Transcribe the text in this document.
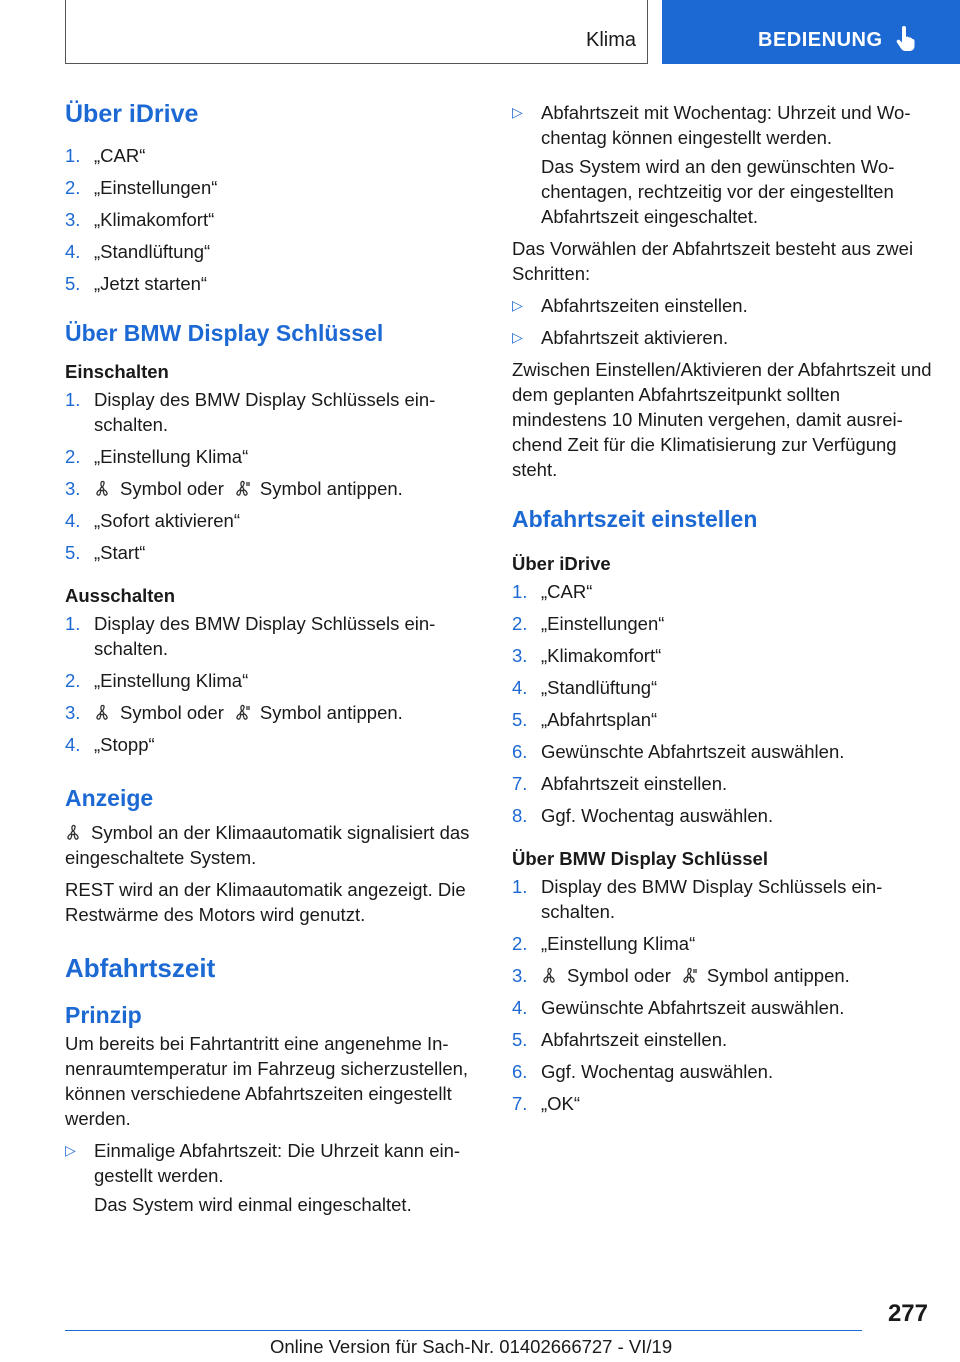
Klima	BEDIENUNG
Über iDrive
1. „CAR“
2. „Einstellungen“
3. „Klimakomfort“
4. „Standlüftung“
5. „Jetzt starten“
Über BMW Display Schlüssel
Einschalten
1. Display des BMW Display Schlüssels ein-schalten.
2. „Einstellung Klima“
3. Symbol oder Symbol antippen.
4. „Sofort aktivieren“
5. „Start“
Ausschalten
1. Display des BMW Display Schlüssels ein-schalten.
2. „Einstellung Klima“
3. Symbol oder Symbol antippen.
4. „Stopp“
Anzeige

Symbol an der Klimaautomatik signalisiert das eingeschaltete System.

REST wird an der Klimaautomatik angezeigt. Die Restwärme des Motors wird genutzt.

Abfahrtszeit
Prinzip

Um bereits bei Fahrtantritt eine angenehme In-nenraumtemperatur im Fahrzeug sicherzustellen, können verschiedene Abfahrtszeiten eingestellt werden.

▷ Einmalige Abfahrtszeit: Die Uhrzeit kann ein-gestellt werden.
Das System wird einmal eingeschaltet.
▷ Abfahrtszeit mit Wochentag: Uhrzeit und Wo-chentag können eingestellt werden.
Das System wird an den gewünschten Wo-chentagen, rechtzeitig vor der eingestellten Abfahrtszeit eingeschaltet.

Das Vorwählen der Abfahrtszeit besteht aus zwei Schritten:

▷ Abfahrtszeiten einstellen.
▷ Abfahrtszeit aktivieren.

Zwischen Einstellen/Aktivieren der Abfahrtszeit und dem geplanten Abfahrtszeitpunkt sollten mindestens 10 Minuten vergehen, damit ausrei-chend Zeit für die Klimatisierung zur Verfügung steht.

Abfahrtszeit einstellen
Über iDrive
1. „CAR“
2. „Einstellungen“
3. „Klimakomfort“
4. „Standlüftung“
5. „Abfahrtsplan“
6. Gewünschte Abfahrtszeit auswählen.
7. Abfahrtszeit einstellen.
8. Ggf. Wochentag auswählen.
Über BMW Display Schlüssel
1. Display des BMW Display Schlüssels ein-schalten.
2. „Einstellung Klima“
3. Symbol oder Symbol antippen.
4. Gewünschte Abfahrtszeit auswählen.
5. Abfahrtszeit einstellen.
6. Ggf. Wochentag auswählen.
7. „OK“
277
Online Version für Sach-Nr. 01402666727 - VI/19
